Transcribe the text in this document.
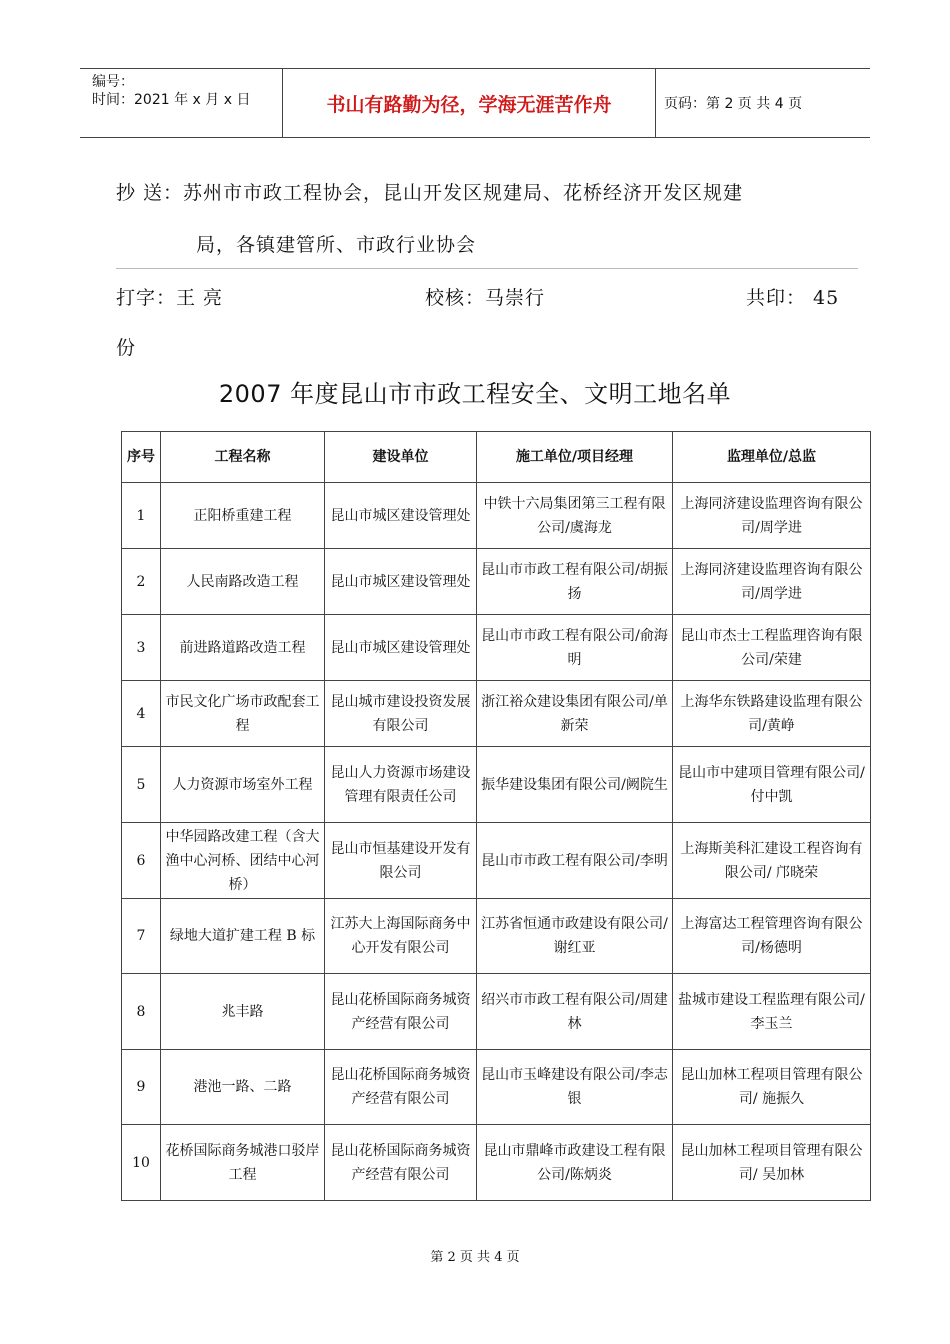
编号：
时间：2021 年 x 月 x 日	书山有路勤为径，学海无涯苦作舟	页码：第 2 页 共 4 页
抄 送：苏州市市政工程协会，昆山开发区规建局、花桥经济开发区规建
局，各镇建管所、市政行业协会
打字：王 亮	校核：马崇行	共印： 45
份
2007 年度昆山市市政工程安全、文明工地名单
序号	工程名称	建设单位	施工单位/项目经理	监理单位/总监
1	正阳桥重建工程	昆山市城区建设管理处	中铁十六局集团第三工程有限公司/虞海龙	上海同济建设监理咨询有限公司/周学进
2	人民南路改造工程	昆山市城区建设管理处	昆山市市政工程有限公司/胡振扬	上海同济建设监理咨询有限公司/周学进
3	前进路道路改造工程	昆山市城区建设管理处	昆山市市政工程有限公司/俞海明	昆山市杰士工程监理咨询有限公司/荣建
4	市民文化广场市政配套工程	昆山城市建设投资发展有限公司	浙江裕众建设集团有限公司/单新荣	上海华东铁路建设监理有限公司/黄峥
5	人力资源市场室外工程	昆山人力资源市场建设管理有限责任公司	振华建设集团有限公司/阙院生	昆山市中建项目管理有限公司/付中凯
6	中华园路改建工程（含大渔中心河桥、团结中心河桥）	昆山市恒基建设开发有限公司	昆山市市政工程有限公司/李明	上海斯美科汇建设工程咨询有限公司/ 邝晓荣
7	绿地大道扩建工程 B 标	江苏大上海国际商务中心开发有限公司	江苏省恒通市政建设有限公司/谢红亚	上海富达工程管理咨询有限公司/杨德明
8	兆丰路	昆山花桥国际商务城资产经营有限公司	绍兴市市政工程有限公司/周建林	盐城市建设工程监理有限公司/李玉兰
9	港池一路、二路	昆山花桥国际商务城资产经营有限公司	昆山市玉峰建设有限公司/李志银	昆山加林工程项目管理有限公司/ 施振久
10	花桥国际商务城港口驳岸工程	昆山花桥国际商务城资产经营有限公司	昆山市鼎峰市政建设工程有限公司/陈炳炎	昆山加林工程项目管理有限公司/ 吴加林
第 2 页 共 4 页
